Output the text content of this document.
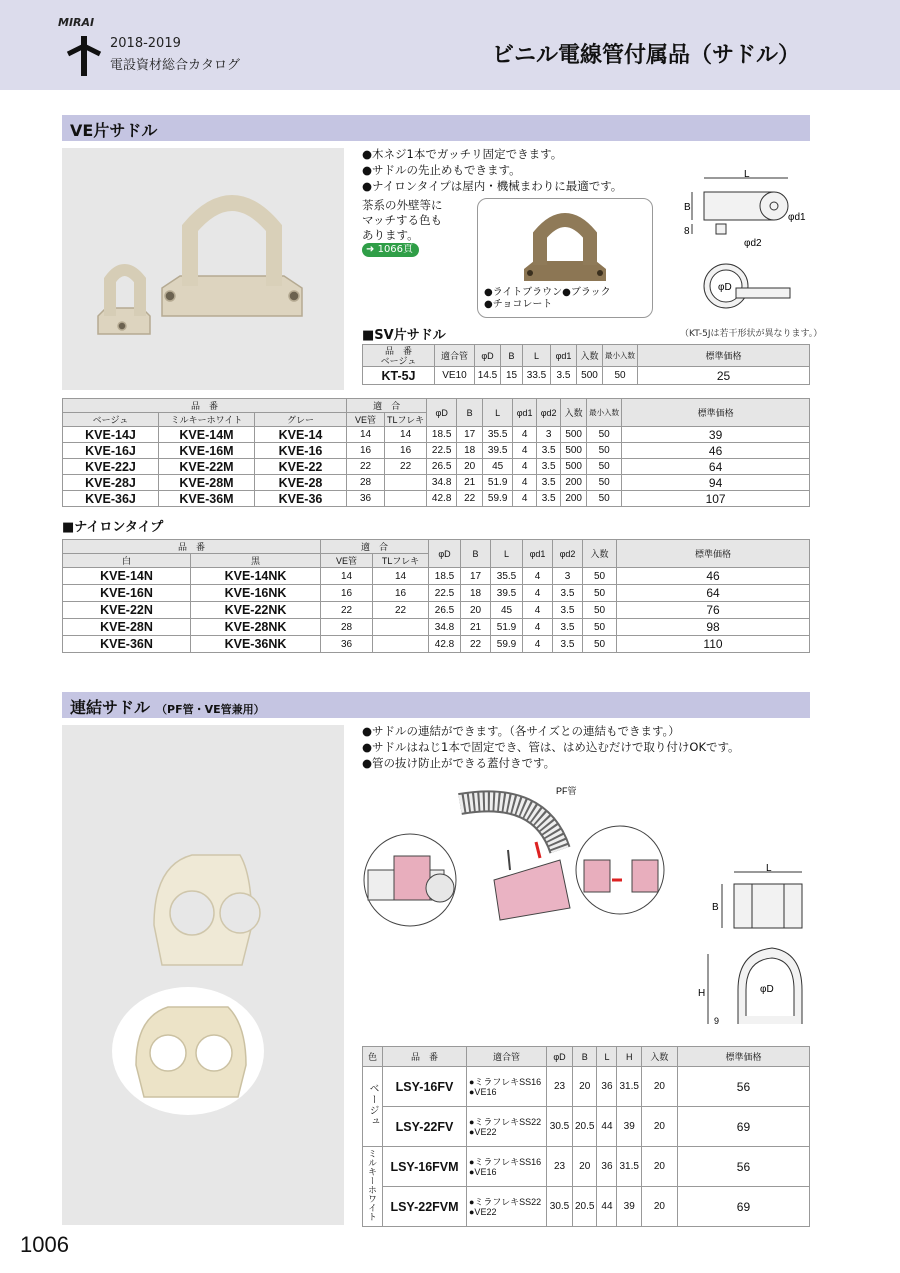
MIRAI
2018-2019
電設資材総合カタログ	ビニル電線管付属品（サドル）
VE片サドル
●木ネジ1本でガッチリ固定できます。
●サドルの先止めもできます。
●ナイロンタイプは屋内・機械まわりに最適です。
茶系の外壁等に
マッチする色も
あります。
➜ 1066頁
●ライトブラウン●ブラック
●チョコレート
L
B
φd1
8
φd2
φD
（KT-5Jは若干形状が異なります。）
■SV片サドル
品　番
ベージュ	適合管	φD	B	L	φd1	入数	最小入数	標準価格
KT-5J	VE10	14.5	15	33.5	3.5	500	50	25
品　番			適　合		φD	B	L	φd1	φd2	入数	最小入数	標準価格
ベージュ	ミルキーホワイト	グレー	VE管	TLフレキ								
KVE-14J	KVE-14M	KVE-14	14	14	18.5	17	35.5	4	3	500	50	39
KVE-16J	KVE-16M	KVE-16	16	16	22.5	18	39.5	4	3.5	500	50	46
KVE-22J	KVE-22M	KVE-22	22	22	26.5	20	45	4	3.5	500	50	64
KVE-28J	KVE-28M	KVE-28	28		34.8	21	51.9	4	3.5	200	50	94
KVE-36J	KVE-36M	KVE-36	36		42.8	22	59.9	4	3.5	200	50	107
■ナイロンタイプ
品　番		適　合		φD	B	L	φd1	φd2	入数	標準価格
白	黒	VE管	TLフレキ							
KVE-14N	KVE-14NK	14	14	18.5	17	35.5	4	3	50	46
KVE-16N	KVE-16NK	16	16	22.5	18	39.5	4	3.5	50	64
KVE-22N	KVE-22NK	22	22	26.5	20	45	4	3.5	50	76
KVE-28N	KVE-28NK	28		34.8	21	51.9	4	3.5	50	98
KVE-36N	KVE-36NK	36		42.8	22	59.9	4	3.5	50	110
連結サドル （PF管・VE管兼用）
●サドルの連結ができます。（各サイズとの連結もできます。）
●サドルはねじ1本で固定でき、管は、はめ込むだけで取り付けOKです。
●管の抜け防止ができる蓋付きです。
PF管
L
B
H	φD
9
色	品　番	適合管	φD	B	L	H	入数	標準価格
ベージュ	LSY-16FV	●ミラフレキSS16
●VE16	23	20	36	31.5	20	56
	LSY-22FV	●ミラフレキSS22
●VE22	30.5	20.5	44	39	20	69
ミルキーホワイト	LSY-16FVM	●ミラフレキSS16
●VE16	23	20	36	31.5	20	56
	LSY-22FVM	●ミラフレキSS22
●VE22	30.5	20.5	44	39	20	69
1006
